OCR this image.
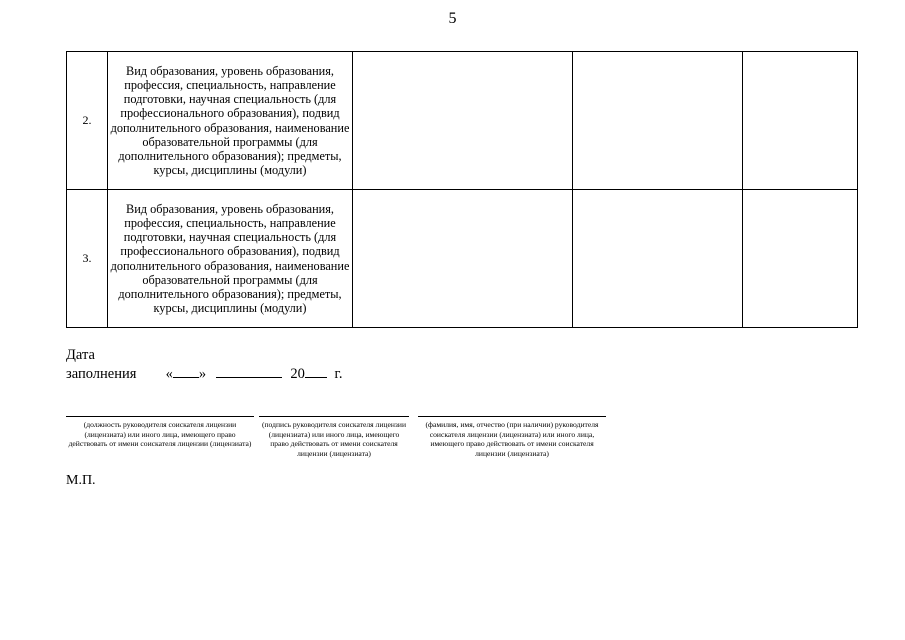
5
2.	Вид образования, уровень образования, профессия, специальность, направление подготовки, научная специальность (для профессионального образования), подвид дополнительного образования, наименование образовательной программы (для дополнительного образования); предметы, курсы, дисциплины (модули)			
3.	Вид образования, уровень образования, профессия, специальность, направление подготовки, научная специальность (для профессионального образования), подвид дополнительного образования, наименование образовательной программы (для дополнительного образования); предметы, курсы, дисциплины (модули)			
Дата
заполнения « »	20 г.
(должность руководителя соискателя лицензии (лицензиата) или иного лица, имеющего право действовать от имени соискателя лицензии (лицензиата)
(подпись руководителя соискателя лицензии (лицензиата) или иного лица, имеющего право действовать от имени соискателя лицензии (лицензиата)
(фамилия, имя, отчество (при наличии) руководителя соискателя лицензии (лицензиата) или иного лица, имеющего право действовать от имени соискателя лицензии (лицензиата)
М.П.
